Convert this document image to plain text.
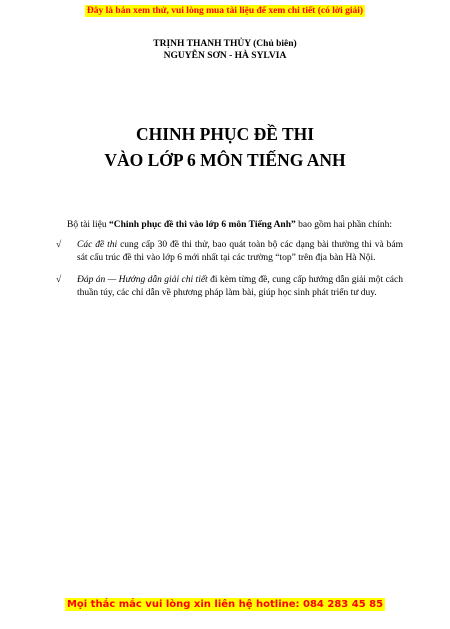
Đây là bản xem thử, vui lòng mua tài liệu để xem chi tiết (có lời giải)
TRỊNH THANH THỦY (Chủ biên)
NGUYỄN SƠN - HÀ SYLVIA
CHINH PHỤC ĐỀ THI
VÀO LỚP 6 MÔN TIẾNG ANH

Bộ tài liệu “Chinh phục đề thi vào lớp 6 môn Tiếng Anh” bao gồm hai phần chính:

√ Các đề thi cung cấp 30 đề thi thử, bao quát toàn bộ các dạng bài thường thi và bám sát cấu trúc đề thi vào lớp 6 mới nhất tại các trường “top” trên địa bàn Hà Nội.
√ Đáp án — Hướng dẫn giải chi tiết đi kèm từng đề, cung cấp hướng dẫn giải một cách thuần túy, các chỉ dẫn về phương pháp làm bài, giúp học sinh phát triển tư duy.
Mọi thắc mắc vui lòng xin liên hệ hotline: 084 283 45 85
